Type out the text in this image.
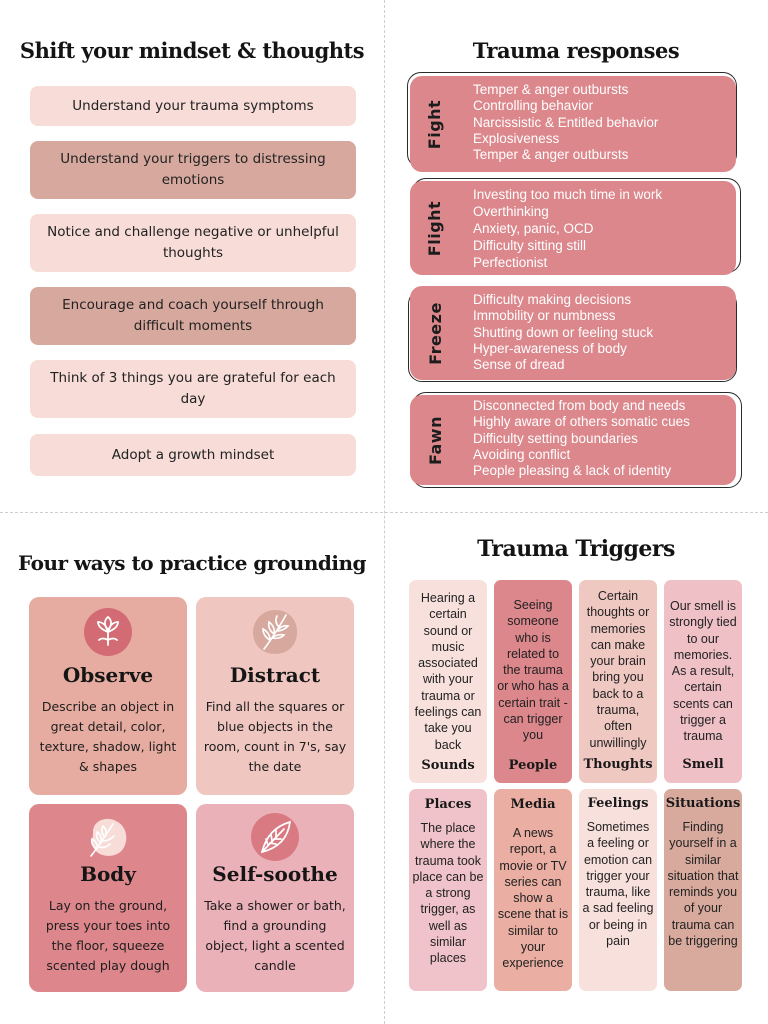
Shift your mindset & thoughts
Understand your trauma symptoms
Understand your triggers to distressing emotions
Notice and challenge negative or unhelpful thoughts
Encourage and coach yourself through difficult moments
Think of 3 things you are grateful for each day
Adopt a growth mindset
Trauma responses
Fight
Temper & anger outbursts
Controlling behavior
Narcissistic & Entitled behavior
Explosiveness
Temper & anger outbursts
Flight
Investing too much time in work
Overthinking
Anxiety, panic, OCD
Difficulty sitting still
Perfectionist
Freeze
Difficulty making decisions
Immobility or numbness
Shutting down or feeling stuck
Hyper-awareness of body
Sense of dread
Fawn
Disconnected from body and needs
Highly aware of others somatic cues
Difficulty setting boundaries
Avoiding conflict
People pleasing & lack of identity
Four ways to practice grounding
Observe
Describe an object in great detail, color, texture, shadow, light & shapes
Distract
Find all the squares or blue objects in the room, count in 7's, say the date
Body
Lay on the ground, press your toes into the floor, squeeze scented play dough
Self-soothe
Take a shower or bath, find a grounding object, light a scented candle
Trauma Triggers
Hearing a certain sound or music associated with your trauma or feelings can take you back
Sounds
Seeing someone who is related to the trauma or who has a certain trait - can trigger you
People
Certain thoughts or memories can make your brain bring you back to a trauma, often unwillingly
Thoughts
Our smell is strongly tied to our memories. As a result, certain scents can trigger a trauma
Smell
Places
The place where the trauma took place can be a strong trigger, as well as similar places
Media
A news report, a movie or TV series can show a scene that is similar to your experience
Feelings
Sometimes a feeling or emotion can trigger your trauma, like a sad feeling or being in pain
Situations
Finding yourself in a similar situation that reminds you of your trauma can be triggering
